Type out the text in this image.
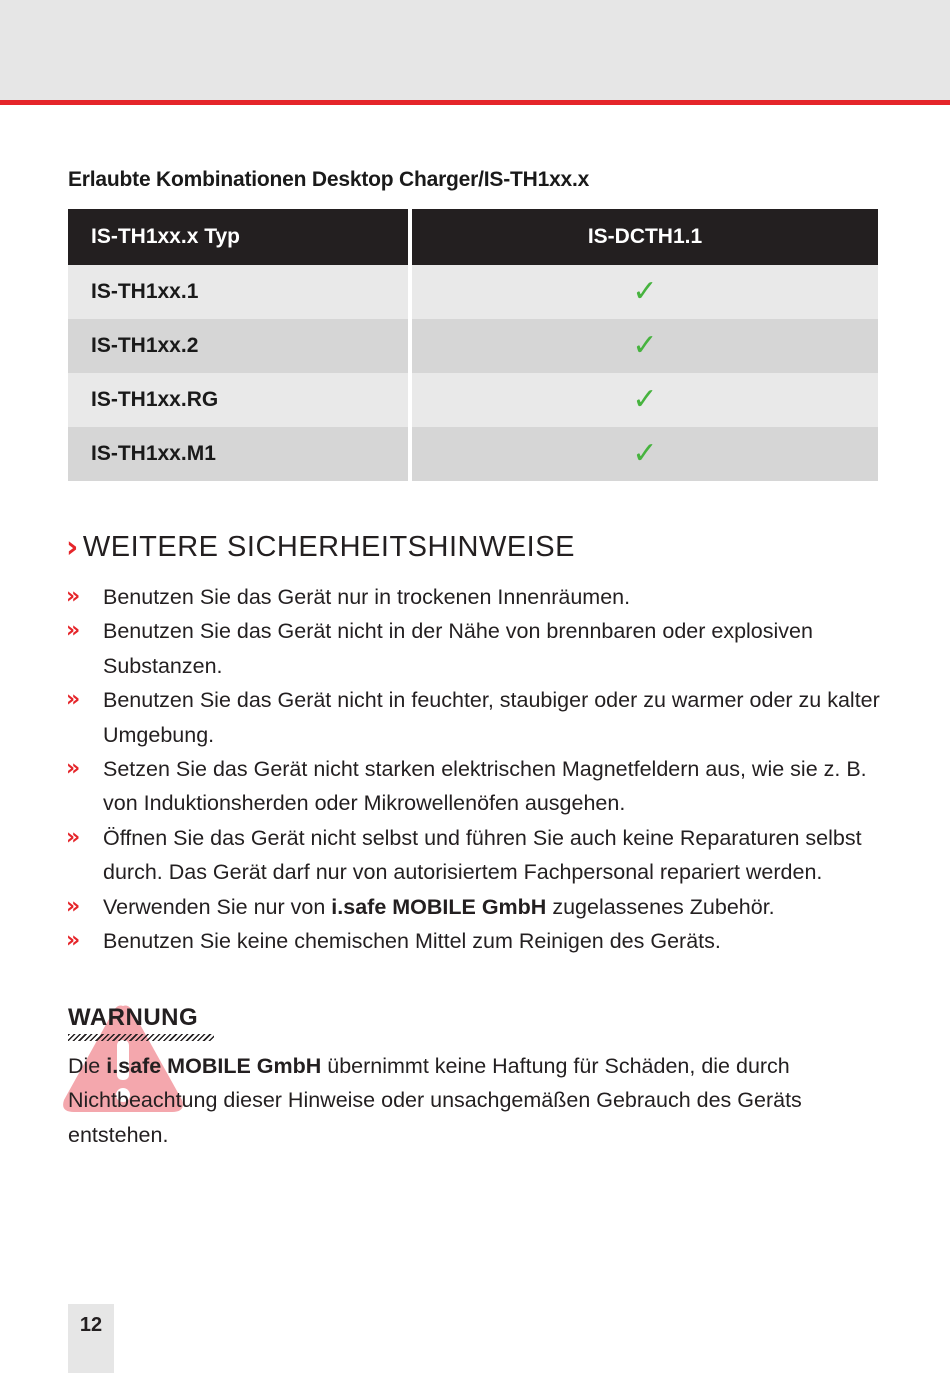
Erlaubte Kombinationen Desktop Charger/IS-TH1xx.x
IS-TH1xx.x Typ	IS-DCTH1.1
IS-TH1xx.1	✓
IS-TH1xx.2	✓
IS-TH1xx.RG	✓
IS-TH1xx.M1	✓
› WEITERE SICHERHEITSHINWEISE
» Benutzen Sie das Gerät nur in trockenen Innenräumen.
» Benutzen Sie das Gerät nicht in der Nähe von brennbaren oder explosiven Substanzen.
» Benutzen Sie das Gerät nicht in feuchter, staubiger oder zu warmer oder zu kalter Umgebung.
» Setzen Sie das Gerät nicht starken elektrischen Magnetfeldern aus, wie sie z. B. von Induktionsherden oder Mikrowellenöfen ausgehen.
» Öffnen Sie das Gerät nicht selbst und führen Sie auch keine Reparaturen selbst durch. Das Gerät darf nur von autorisiertem Fachpersonal repariert werden.
» Verwenden Sie nur von i.safe MOBILE GmbH zugelassenes Zubehör.
» Benutzen Sie keine chemischen Mittel zum Reinigen des Geräts.
WARNUNG
Die i.safe MOBILE GmbH übernimmt keine Haftung für Schäden, die durch Nichtbeachtung dieser Hinweise oder unsachgemäßen Gebrauch des Geräts entstehen.
12
